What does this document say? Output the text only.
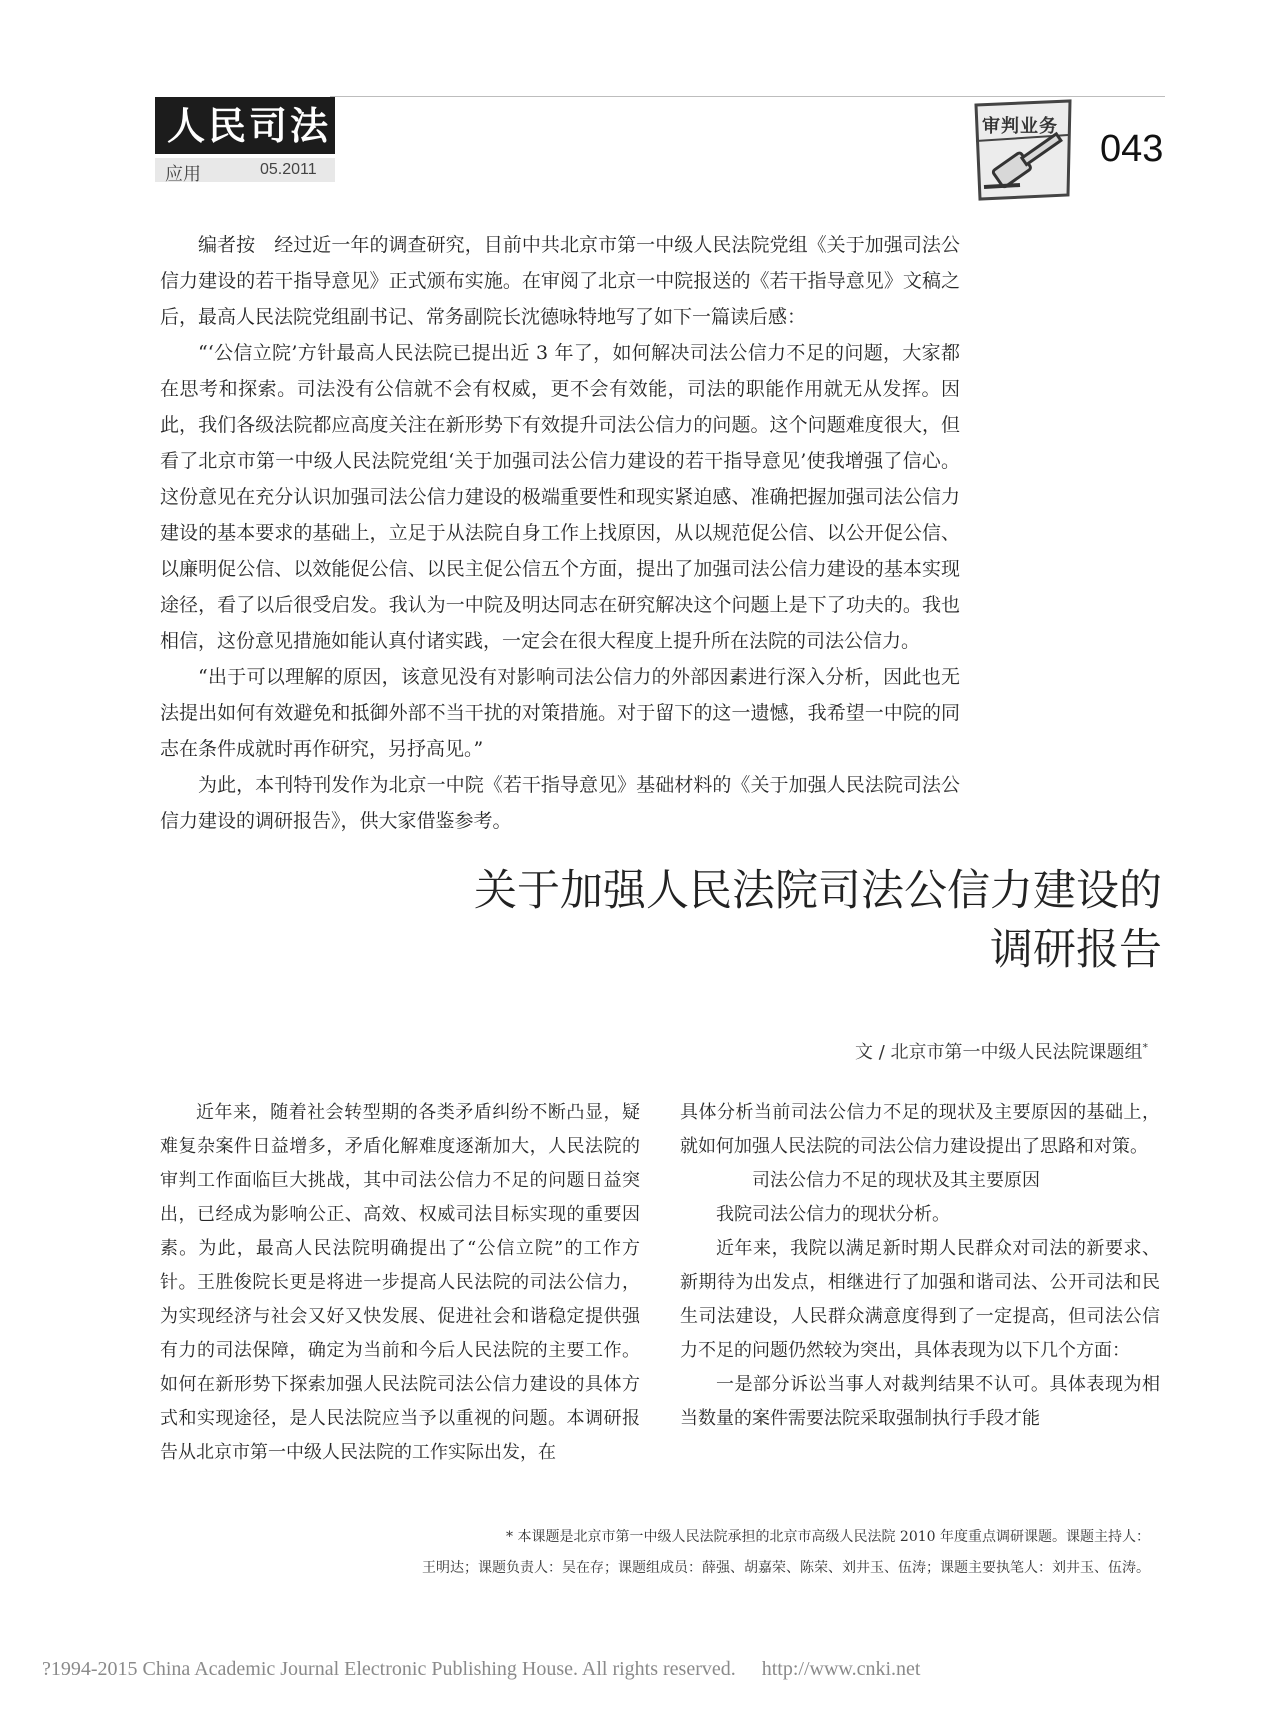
人民司法
应用	05.2011
审判业务
043

编者按　经过近一年的调查研究，目前中共北京市第一中级人民法院党组《关于加强司法公信力建设的若干指导意见》正式颁布实施。在审阅了北京一中院报送的《若干指导意见》文稿之后，最高人民法院党组副书记、常务副院长沈德咏特地写了如下一篇读后感：

“‘公信立院’方针最高人民法院已提出近 3 年了，如何解决司法公信力不足的问题，大家都在思考和探索。司法没有公信就不会有权威，更不会有效能，司法的职能作用就无从发挥。因此，我们各级法院都应高度关注在新形势下有效提升司法公信力的问题。这个问题难度很大，但看了北京市第一中级人民法院党组‘关于加强司法公信力建设的若干指导意见’使我增强了信心。这份意见在充分认识加强司法公信力建设的极端重要性和现实紧迫感、准确把握加强司法公信力建设的基本要求的基础上，立足于从法院自身工作上找原因，从以规范促公信、以公开促公信、以廉明促公信、以效能促公信、以民主促公信五个方面，提出了加强司法公信力建设的基本实现途径，看了以后很受启发。我认为一中院及明达同志在研究解决这个问题上是下了功夫的。我也相信，这份意见措施如能认真付诸实践，一定会在很大程度上提升所在法院的司法公信力。

“出于可以理解的原因，该意见没有对影响司法公信力的外部因素进行深入分析，因此也无法提出如何有效避免和抵御外部不当干扰的对策措施。对于留下的这一遗憾，我希望一中院的同志在条件成就时再作研究，另抒高见。”

为此，本刊特刊发作为北京一中院《若干指导意见》基础材料的《关于加强人民法院司法公信力建设的调研报告》，供大家借鉴参考。

关于加强人民法院司法公信力建设的
调研报告
文 / 北京市第一中级人民法院课题组*

近年来，随着社会转型期的各类矛盾纠纷不断凸显，疑难复杂案件日益增多，矛盾化解难度逐渐加大，人民法院的审判工作面临巨大挑战，其中司法公信力不足的问题日益突出，已经成为影响公正、高效、权威司法目标实现的重要因素。为此，最高人民法院明确提出了“公信立院”的工作方针。王胜俊院长更是将进一步提高人民法院的司法公信力，为实现经济与社会又好又快发展、促进社会和谐稳定提供强有力的司法保障，确定为当前和今后人民法院的主要工作。如何在新形势下探索加强人民法院司法公信力建设的具体方式和实现途径，是人民法院应当予以重视的问题。本调研报告从北京市第一中级人民法院的工作实际出发，在

具体分析当前司法公信力不足的现状及主要原因的基础上，就如何加强人民法院的司法公信力建设提出了思路和对策。

司法公信力不足的现状及其主要原因

我院司法公信力的现状分析。

近年来，我院以满足新时期人民群众对司法的新要求、新期待为出发点，相继进行了加强和谐司法、公开司法和民生司法建设，人民群众满意度得到了一定提高，但司法公信力不足的问题仍然较为突出，具体表现为以下几个方面：

一是部分诉讼当事人对裁判结果不认可。具体表现为相当数量的案件需要法院采取强制执行手段才能

* 本课题是北京市第一中级人民法院承担的北京市高级人民法院 2010 年度重点调研课题。课题主持人：
王明达；课题负责人：吴在存；课题组成员：薛强、胡嘉荣、陈荣、刘井玉、伍涛；课题主要执笔人：刘井玉、伍涛。
?1994-2015 China Academic Journal Electronic Publishing House. All rights reserved. http://www.cnki.net
